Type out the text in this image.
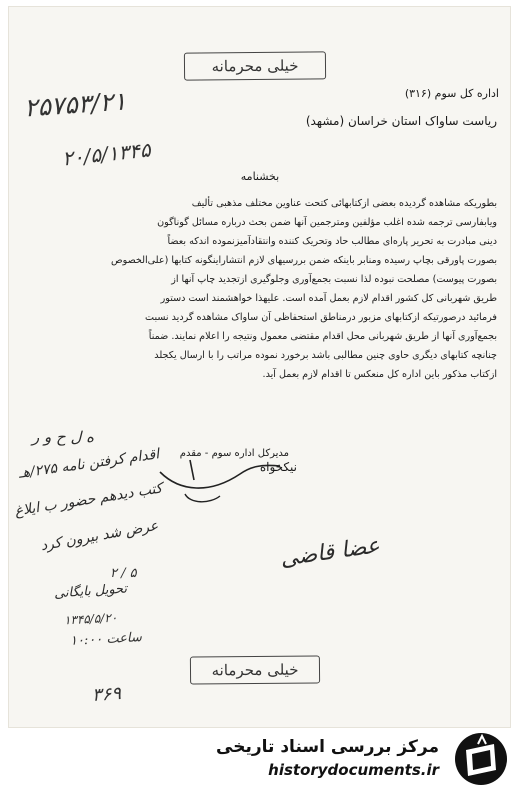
خیلی محرمانه
اداره کل سوم (۳۱۶)
ریاست ساواک استان خراسان (مشهد)
بخشنامه
بطوریکه مشاهده گردیده بعضی ازکتابهائی کتحت عناوین مختلف مذهبی تألیف
ویابفارسی ترجمه شده اغلب مؤلفین ومترجمین آنها ضمن بحث درباره مسائل گوناگون
دینی مبادرت به تحریر پاره‌ای مطالب حاد وتحریک کننده وانتقادآمیزنموده اندکه بعضاً
بصورت پاورقی بچاپ رسیده ومنابر باینکه ضمن بررسیهای لازم انتشاراینگونه کتابها (علی‌الخصوص
بصورت پیوست) مصلحت نبوده لذا نسبت بجمع‌آوری وجلوگیری ازتجدید چاپ آنها از
طریق شهربانی کل کشور اقدام لازم بعمل آمده است. علیهذا خواهشمند است دستور
فرمائید درصورتیکه ازکتابهای مزبور درمناطق استحفاظی آن ساواک مشاهده گردید نسبت
بجمع‌آوری آنها از طریق شهربانی محل اقدام مقتضی معمول ونتیجه را اعلام نمایند. ضمناً
چنانچه کتابهای دیگری حاوی چنین مطالبی باشد برخورد نموده مراتب را با ارسال یکجلد
ازکتاب مذکور باین اداره کل منعکس تا اقدام لازم بعمل آید.
مدیرکل اداره سوم - مقدم
نیکخواه
۲۵۷۵۳/۲۱
۲۰/۵/۱۳۴۵
ه ل ح و ر
اقدام کرفتن نامه ۲۷۵/هـ
کتب دیدهم حضور ب ایلاغ
عرض شد بیرون کرد
تحویل بایگانی
۲ / ۵
۱۳۴۵/۵/۲۰
ساعت ۱۰:۰۰
۳۶۹
عضا قاضی
خیلی محرمانه
مرکز بررسی اسناد تاریخی
historydocuments.ir
